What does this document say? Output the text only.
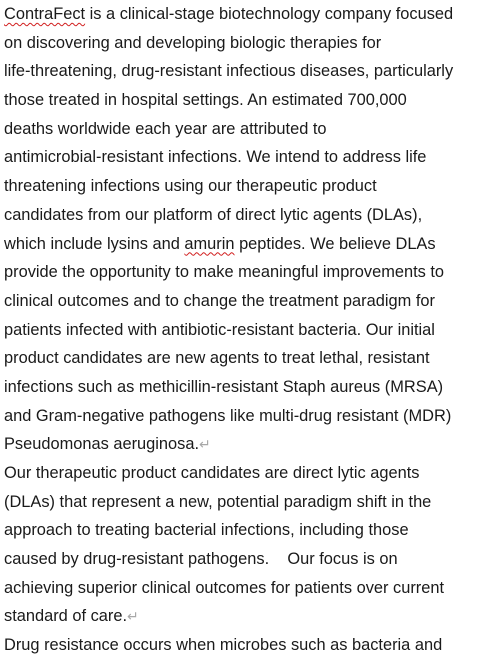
ContraFect is a clinical-stage biotechnology company focused
on discovering and developing biologic therapies for
life-threatening, drug-resistant infectious diseases, particularly
those treated in hospital settings. An estimated 700,000
deaths worldwide each year are attributed to
antimicrobial-resistant infections. We intend to address life
threatening infections using our therapeutic product
candidates from our platform of direct lytic agents (DLAs),
which include lysins and amurin peptides. We believe DLAs
provide the opportunity to make meaningful improvements to
clinical outcomes and to change the treatment paradigm for
patients infected with antibiotic-resistant bacteria. Our initial
product candidates are new agents to treat lethal, resistant
infections such as methicillin-resistant Staph aureus (MRSA)
and Gram-negative pathogens like multi-drug resistant (MDR)
Pseudomonas aeruginosa.↵
Our therapeutic product candidates are direct lytic agents
(DLAs) that represent a new, potential paradigm shift in the
approach to treating bacterial infections, including those
caused by drug-resistant pathogens.    Our focus is on
achieving superior clinical outcomes for patients over current
standard of care.↵
Drug resistance occurs when microbes such as bacteria and
